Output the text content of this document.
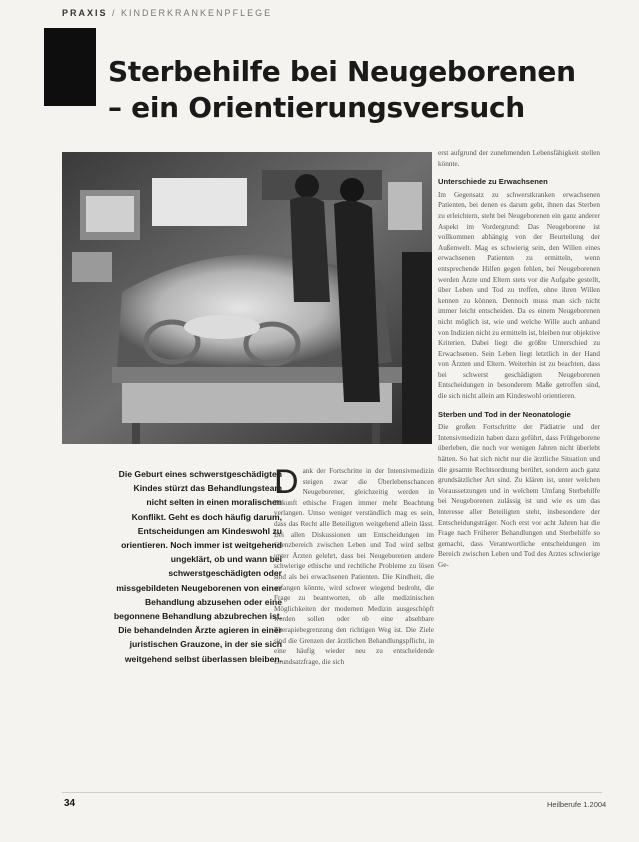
PRAXIS / KINDERKRANKENPFLEGE
Sterbehilfe bei Neugeborenen
– ein Orientierungsversuch

Die Geburt eines schwerstgeschädigten Kindes stürzt das Behandlungsteam nicht selten in einen moralischen Konflikt. Geht es doch häufig darum, Entscheidungen am Kindeswohl zu orientieren. Noch immer ist weitgehend ungeklärt, ob und wann bei schwerstgeschädigten oder missgebildeten Neugeborenen von einer Behandlung abzusehen oder eine begonnene Behandlung abzubrechen ist. Die behandelnden Ärzte agieren in einer juristischen Grauzone, in der sie sich weitgehend selbst überlassen bleiben.

D ank der Fortschritte in der Intensivmedizin steigen zwar die Überlebenschancen Neugeborener, gleichzeitig werden in Zukunft ethische Fragen immer mehr Beachtung verlangen. Umso weniger verständlich mag es sein, dass das Recht alle Beteiligten weitgehend allein lässt. Bei allen Diskussionen um Entscheidungen im Grenzbereich zwischen Leben und Tod wird selbst unter Ärzten gelehrt, dass bei Neugeborenen andere schwierige ethische und rechtliche Probleme zu lösen sind als bei erwachsenen Patienten. Die Kindheit, die anfangen könnte, wird schwer wiegend bedroht, die Frage zu beantworten, ob alle medizinischen Möglichkeiten der modernen Medizin ausgeschöpft werden sollen oder ob eine absehbare Therapiebegrenzung den richtigen Weg ist. Die Ziele sind die Grenzen der ärztlichen Behandlungspflicht, in eine häufig wieder neu zu entscheidende Grundsatzfrage, die sich

erst aufgrund der zunehmenden Lebensfähigkeit stellen könnte.

Unterschiede zu Erwachsenen

Im Gegensatz zu schwerstkranken erwachsenen Patienten, bei denen es darum geht, ihnen das Sterben zu erleichtern, steht bei Neugeborenen ein ganz anderer Aspekt im Vordergrund: Das Neugeborene ist vollkommen abhängig von der Beurteilung der Außenwelt. Mag es schwierig sein, den Willen eines erwachsenen Patienten zu ermitteln, wenn entsprechende Hilfen gegen fehlen, bei Neugeborenen werden Ärzte und Eltern stets vor die Aufgabe gestellt, über Leben und Tod zu treffen, ohne ihren Willen kennen zu können. Dennoch muss man sich nicht immer leicht entscheiden. Da es einem Neugeborenen nicht möglich ist, wie und welche Wille auch anhand von Indizien nicht zu ermitteln ist, bleiben nur objektive Kriterien. Dabei liegt die größte Unterschied zu Erwachsenen. Sein Leben liegt letztlich in der Hand von Ärzten und Eltern. Weiterhin ist zu beachten, dass bei schwerst geschädigten Neugeborenen Entscheidungen in besonderem Maße getroffen sind, die sich nicht allein am Kindeswohl orientieren.

Sterben und Tod in der Neonatologie

Die großen Fortschritte der Pädiatrie und der Intensivmedizin haben dazu geführt, dass Frühgeborene überleben, die noch vor wenigen Jahren nicht überlebt hätten. So hat sich nicht nur die ärztliche Situation und die gesamte Rechtsordnung berührt, sondern auch ganz grundsätzlicher Art sind. Zu klären ist, unter welchen Voraussetzungen und in welchem Umfang Sterbehilfe bei Neugeborenen zulässig ist und wie es um das Interesse aller Beteiligten steht, insbesondere der Entscheidungsträger. Noch erst vor acht Jahren hat die Frage nach Früherer Behandlungen und Sterbehilfe so gemacht, dass Verantwortliche entscheidungen im Bereich zwischen Leben und Tod des Arztes schwierige Ge-

34	Heilberufe 1.2004
